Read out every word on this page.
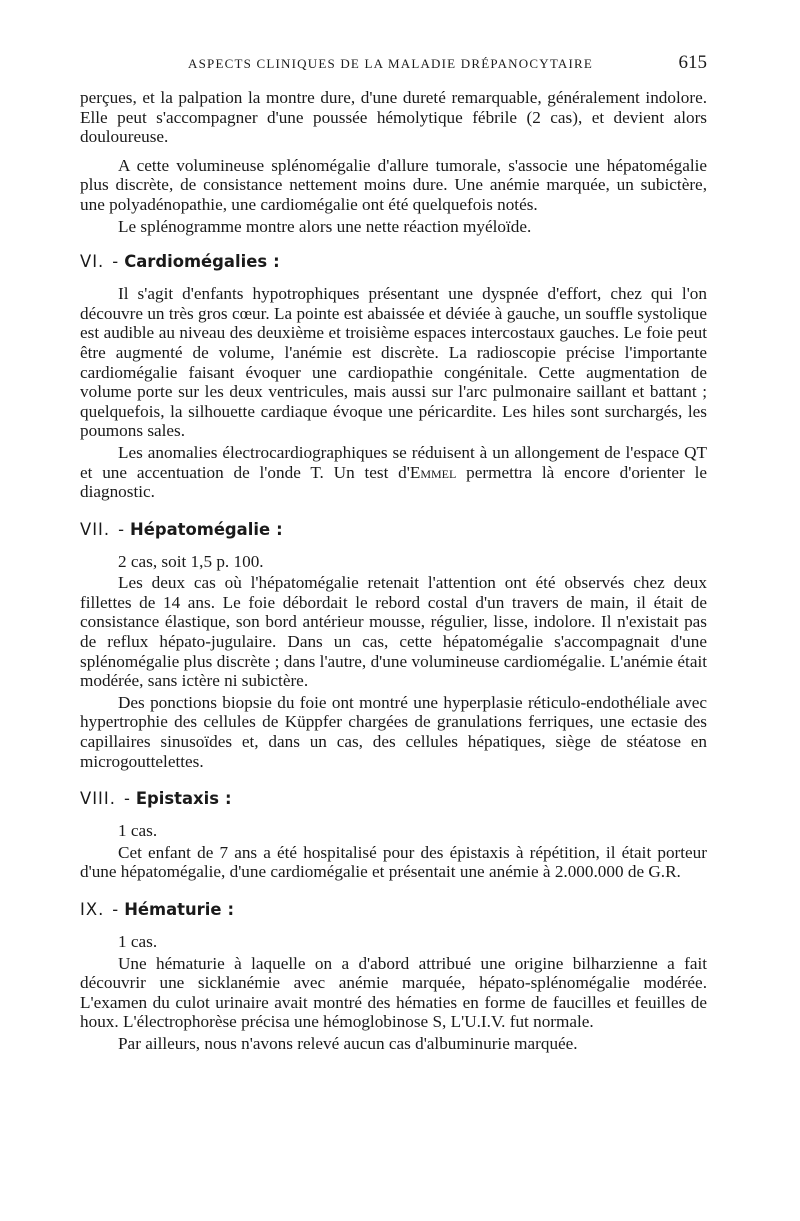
ASPECTS CLINIQUES DE LA MALADIE DRÉPANOCYTAIRE	615

perçues, et la palpation la montre dure, d'une dureté remarquable, généralement indolore. Elle peut s'accompagner d'une poussée hémolytique fébrile (2 cas), et devient alors douloureuse.

A cette volumineuse splénomégalie d'allure tumorale, s'associe une hépatomégalie plus discrète, de consistance nettement moins dure. Une anémie marquée, un subictère, une polyadénopathie, une cardiomégalie ont été quelquefois notés.

Le splénogramme montre alors une nette réaction myéloïde.

VI. - Cardiomégalies :

Il s'agit d'enfants hypotrophiques présentant une dyspnée d'effort, chez qui l'on découvre un très gros cœur. La pointe est abaissée et déviée à gauche, un souffle systolique est audible au niveau des deuxième et troisième espaces intercostaux gauches. Le foie peut être augmenté de volume, l'anémie est discrète. La radioscopie précise l'importante cardiomégalie faisant évoquer une cardiopathie congénitale. Cette augmentation de volume porte sur les deux ventricules, mais aussi sur l'arc pulmonaire saillant et battant ; quelquefois, la silhouette cardiaque évoque une péricardite. Les hiles sont surchargés, les poumons sales.

Les anomalies électrocardiographiques se réduisent à un allongement de l'espace QT et une accentuation de l'onde T. Un test d'Emmel permettra là encore d'orienter le diagnostic.

VII. - Hépatomégalie :

2 cas, soit 1,5 p. 100.

Les deux cas où l'hépatomégalie retenait l'attention ont été observés chez deux fillettes de 14 ans. Le foie débordait le rebord costal d'un travers de main, il était de consistance élastique, son bord antérieur mousse, régulier, lisse, indolore. Il n'existait pas de reflux hépato-jugulaire. Dans un cas, cette hépatomégalie s'accompagnait d'une splénomégalie plus discrète ; dans l'autre, d'une volumineuse cardiomégalie. L'anémie était modérée, sans ictère ni subictère.

Des ponctions biopsie du foie ont montré une hyperplasie réticulo-endothéliale avec hypertrophie des cellules de Küppfer chargées de granulations ferriques, une ectasie des capillaires sinusoïdes et, dans un cas, des cellules hépatiques, siège de stéatose en microgouttelettes.

VIII. - Epistaxis :

1 cas.

Cet enfant de 7 ans a été hospitalisé pour des épistaxis à répétition, il était porteur d'une hépatomégalie, d'une cardiomégalie et présentait une anémie à 2.000.000 de G.R.

IX. - Hématurie :

1 cas.

Une hématurie à laquelle on a d'abord attribué une origine bilharzienne a fait découvrir une sicklanémie avec anémie marquée, hépato-splénomégalie modérée. L'examen du culot urinaire avait montré des hématies en forme de faucilles et feuilles de houx. L'électrophorèse précisa une hémoglobinose S, L'U.I.V. fut normale.

Par ailleurs, nous n'avons relevé aucun cas d'albuminurie marquée.
